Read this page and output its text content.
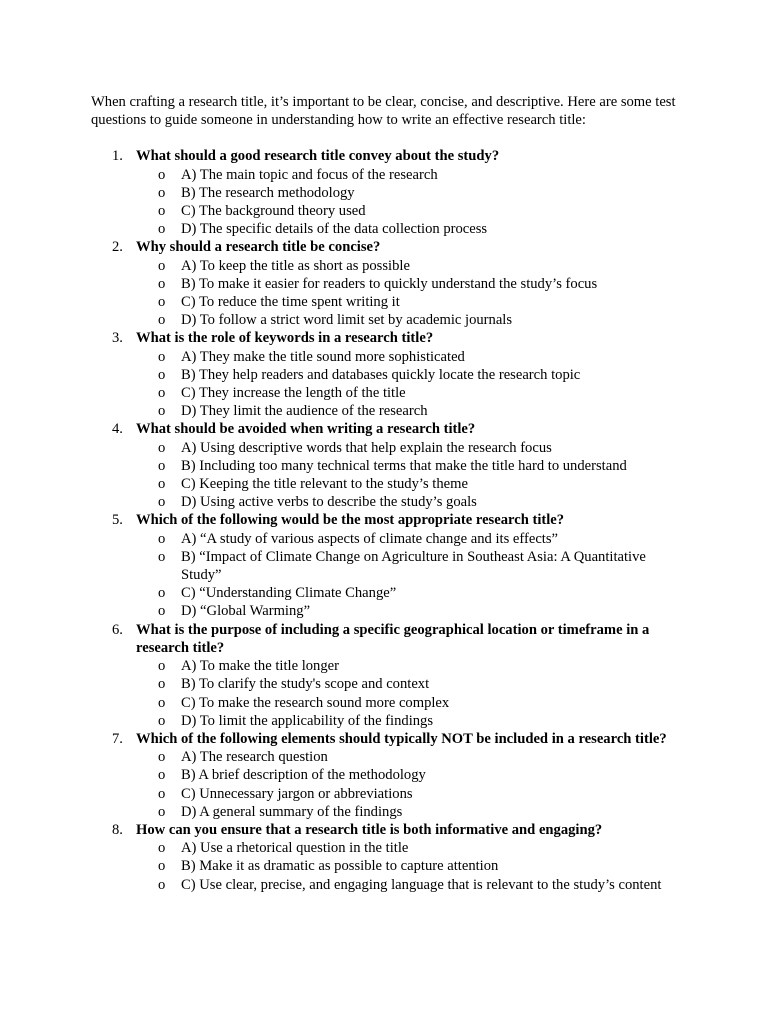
When crafting a research title, it’s important to be clear, concise, and descriptive. Here are some test questions to guide someone in understanding how to write an effective research title:

1. What should a good research title convey about the study?
o A) The main topic and focus of the research
o B) The research methodology
o C) The background theory used
o D) The specific details of the data collection process
2. Why should a research title be concise?
o A) To keep the title as short as possible
o B) To make it easier for readers to quickly understand the study’s focus
o C) To reduce the time spent writing it
o D) To follow a strict word limit set by academic journals
3. What is the role of keywords in a research title?
o A) They make the title sound more sophisticated
o B) They help readers and databases quickly locate the research topic
o C) They increase the length of the title
o D) They limit the audience of the research
4. What should be avoided when writing a research title?
o A) Using descriptive words that help explain the research focus
o B) Including too many technical terms that make the title hard to understand
o C) Keeping the title relevant to the study’s theme
o D) Using active verbs to describe the study’s goals
5. Which of the following would be the most appropriate research title?
o A) “A study of various aspects of climate change and its effects”
o B) “Impact of Climate Change on Agriculture in Southeast Asia: A Quantitative Study”
o C) “Understanding Climate Change”
o D) “Global Warming”
6. What is the purpose of including a specific geographical location or timeframe in a research title?
o A) To make the title longer
o B) To clarify the study's scope and context
o C) To make the research sound more complex
o D) To limit the applicability of the findings
7. Which of the following elements should typically NOT be included in a research title?
o A) The research question
o B) A brief description of the methodology
o C) Unnecessary jargon or abbreviations
o D) A general summary of the findings
8. How can you ensure that a research title is both informative and engaging?
o A) Use a rhetorical question in the title
o B) Make it as dramatic as possible to capture attention
o C) Use clear, precise, and engaging language that is relevant to the study’s content
